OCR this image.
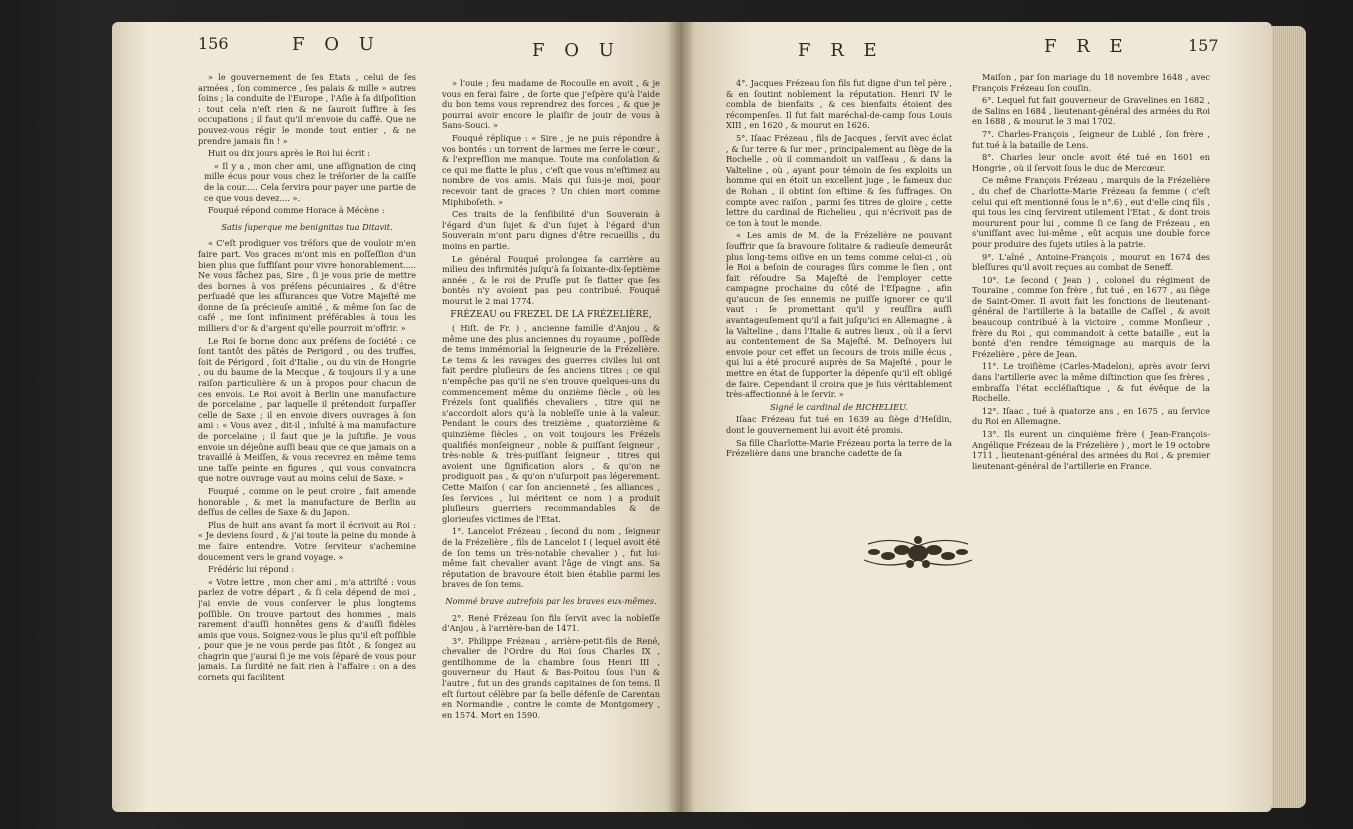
156	F O U	F O U

» le gouvernement de ſes Etats , celui de ſes armées , ſon commerce , ſes palais & mille » autres ſoins ; la conduite de l'Europe , l'Aſie à ſa diſpoſition : tout cela n'eſt rien & ne ſauroit ſuffire à ſes occupations ; il faut qu'il m'envoie du caffé. Que ne pouvez-vous régir le monde tout entier , & ne prendre jamais fin ! »

Huit ou dix jours après le Roi lui écrit :

« Il y a , mon cher ami, une aſſignation de cinq mille écus pour vous chez le tréſorier de la caiſſe de la cour..... Cela ſervira pour payer une partie de ce que vous devez.... ».

Fouqué répond comme Horace à Mécène :

Satis ſuperque me benignitas tua Ditavit.

« C'eſt prodiguer vos tréſors que de vouloir m'en faire part. Vos graces m'ont mis en poſſeſſion d'un bien plus que ſuffiſant pour vivre honorablement..... Ne vous fâchez pas, Sire , ſi je vous prie de mettre des bornes à vos préſens pécuniaires , & d'être perſuadé que les aſſurances que Votre Majeſté me donne de ſa précieuſe amitié , & même ſon ſac de café , me ſont infiniment préférables à tous les milliers d'or & d'argent qu'elle pourroit m'offrir. »

Le Roi ſe borne donc aux préſens de ſociété : ce ſont tantôt des pâtés de Perigord , ou des truffes, ſoit de Périgord , ſoit d'Italie , ou du vin de Hongrie , ou du baume de la Mecque , & toujours il y a une raiſon particulière & un à propos pour chacun de ces envois. Le Roi avoit à Berlin une manufacture de porcelaine , par laquelle il prétendoit ſurpaſſer celle de Saxe ; il en envoie divers ouvrages à ſon ami : « Vous avez , dit-il , inſulté à ma manufacture de porcelaine ; il faut que je la juſtifie. Je vous envoie un déjeûne auſſi beau que ce que jamais on a travaillé à Meiſſen, & vous recevrez en même tems une taſſe peinte en figures , qui vous convaincra que notre ouvrage vaut au moins celui de Saxe. »

Fouqué , comme on le peut croire , fait amende honorable , & met la manufacture de Berlin au deſſus de celles de Saxe & du Japon.

Plus de huit ans avant ſa mort il écrivoit au Roi : « Je deviens ſourd , & j'ai toute la peine du monde à me faire entendre. Votre ſerviteur s'achemine doucement vers le grand voyage. »

Frédéric lui répond :

« Votre lettre , mon cher ami , m'a attriſté : vous parlez de votre départ , & ſi cela dépend de moi , j'ai envie de vous conſerver le plus longtems poſſible. On trouve partout des hommes , mais rarement d'auſſi honnêtes gens & d'auſſi fidèles amis que vous. Soignez-vous le plus qu'il eſt poſſible , pour que je ne vous perde pas ſitôt , & ſongez au chagrin que j'aurai ſi je me vois ſéparé de vous pour jamais. La ſurdité ne fait rien à l'affaire : on a des cornets qui facilitent

» l'ouie ; feu madame de Rocoulle en avoit , & je vous en ferai faire , de ſorte que j'eſpère qu'à l'aide du bon tems vous reprendrez des forces , & que je pourrai avoir encore le plaiſir de jouir de vous à Sans-Souci. »

Fouqué réplique : « Sire , je ne puis répondre à vos bontés : un torrent de larmes me ſerre le cœur , & l'expreſſion me manque. Toute ma conſolation & ce qui me flatte le plus , c'eſt que vous m'eſtimez au nombre de vos amis. Mais qui ſuis-je moi, pour recevoir tant de graces ? Un chien mort comme Miphiboſeth. »

Ces traits de la ſenſibilité d'un Souverain à l'égard d'un ſujet & d'un ſujet à l'égard d'un Souverain m'ont paru dignes d'être recueillis , du moins en partie.

Le général Fouqué prolongea ſa carrière au milieu des infirmités juſqu'à ſa ſoixante-dix-ſeptième année , & le roi de Pruſſe put ſe flatter que ſes bontés n'y avoient pas peu contribué. Fouqué mourut le 2 mai 1774.

FRÉZEAU ou FREZEL DE LA FRÉZELIÈRE,

( Hiſt. de Fr. ) , ancienne famille d'Anjou , & même une des plus anciennes du royaume , poſſède de tems immémorial la ſeigneurie de la Frézelière. Le tems & les ravages des guerres civiles lui ont fait perdre pluſieurs de ſes anciens titres ; ce qui n'empêche pas qu'il ne s'en trouve quelques-uns du commencement même du onzième ſiècle , où les Frézels ſont qualifiés chevaliers , titre qui ne s'accordoit alors qu'à la nobleſſe unie à la valeur. Pendant le cours des treizième , quatorzième & quinzième ſiècles , on voit toujours les Frézels qualifiés monſeigneur , noble & puiſſant ſeigneur , très-noble & très-puiſſant ſeigneur , titres qui avoient une ſignification alors , & qu'on ne prodiguoit pas , & qu'on n'uſurpoit pas légerement. Cette Maiſon ( car ſon ancienneté , ſes alliances , ſes ſervices , lui méritent ce nom ) a produit pluſieurs guerriers recommandables & de glorieuſes victimes de l'Etat.

1°. Lancelot Frézeau , ſecond du nom , ſeigneur de la Frézelière , fils de Lancelot I ( lequel avoit été de ſon tems un très-notable chevalier ) , fut lui-même fait chevalier avant l'âge de vingt ans. Sa réputation de bravoure étoit bien établie parmi les braves de ſon tems.

Nommé brave autrefois par les braves eux-mêmes.

2°. René Frézeau ſon fils ſervit avec la nobleſſe d'Anjou , à l'arrière-ban de 1471.

3°. Philippe Frézeau , arrière-petit-fils de René, chevalier de l'Ordre du Roi ſous Charles IX , gentilhomme de la chambre ſous Henri III , gouverneur du Haut & Bas-Poitou ſous l'un & l'autre , fut un des grands capitaines de ſon tems. Il eſt ſurtout célèbre par ſa belle défenſe de Carentan en Normandie , contre le comte de Montgomery , en 1574. Mort en 1590.

F R E	F R E	157

4°. Jacques Frézeau ſon fils fut digne d'un tel père , & en ſoutint noblement la réputation. Henri IV le combla de bienfaits , & ces bienfaits étoient des récompenſes. Il fut fait maréchal-de-camp ſous Louis XIII , en 1620 , & mourut en 1626.

5°. Iſaac Frézeau , fils de Jacques , ſervit avec éclat , & ſur terre & ſur mer , principalement au ſiège de la Rochelle , où il commandoit un vaiſſeau , & dans la Valteline , où , ayant pour témoin de ſes exploits un homme qui en étoit un excellent juge , le fameux duc de Rohan , il obtint ſon eſtime & ſes ſuffrages. On compte avec raiſon , parmi ſes titres de gloire , cette lettre du cardinal de Richelieu , qui n'écrivoit pas de ce ton à tout le monde.

« Les amis de M. de la Frézelière ne pouvant ſouffrir que ſa bravoure ſolitaire & radieuſe demeurât plus long-tems oiſive en un tems comme celui-ci , où le Roi a beſoin de courages ſûrs comme le ſien , ont fait réſoudre Sa Majeſté de l'employer cette campagne prochaine du côté de l'Eſpagne , afin qu'aucun de ſes ennemis ne puiſſe ignorer ce qu'il vaut : ſe promettant qu'il y reuſſira auſſi avantageuſement qu'il a fait juſqu'ici en Allemagne , à la Valteline , dans l'Italie & autres lieux , où il a ſervi au contentement de Sa Majeſté. M. Deſnoyers lui envoie pour cet effet un ſecours de trois mille écus , qui lui a été procuré auprès de Sa Majeſté , pour le mettre en état de ſupporter la dépenſe qu'il eſt obligé de faire. Cependant il croira que je ſuis véritablement très-affectionné à le ſervir. »

Signé le cardinal de RICHELIEU.

Iſaac Frézeau fut tué en 1639 au ſiège d'Heſdin, dont le gouvernement lui avoit été promis.

Sa fille Charlotte-Marie Frézeau porta la terre de la Frézelière dans une branche cadette de ſa

Maiſon , par ſon mariage du 18 novembre 1648 , avec François Frézeau ſon couſin.

6°. Lequel fut fait gouverneur de Gravelines en 1682 , de Salins en 1684 , lieutenant-général des armées du Roi en 1688 , & mourut le 3 mai 1702.

7°. Charles-François , ſeigneur de Lublé , ſon frère , fut tué à la bataille de Lens.

8°. Charles leur oncle avoit été tué en 1601 en Hongrie , où il ſervoit ſous le duc de Mercœur.

Ce même François Frézeau , marquis de la Frézelière , du chef de Charlotte-Marie Frézeau ſa femme ( c'eſt celui qui eſt mentionné ſous le n°.6) , eut d'elle cinq fils , qui tous les cinq ſervirent utilement l'Etat , & dont trois moururent pour lui , comme ſi ce ſang de Frézeau , en s'uniſſant avec lui-même , eût acquis une double force pour produire des ſujets utiles à la patrie.

9°. L'aîné , Antoine-François , mourut en 1674 des bleſſures qu'il avoit reçues au combat de Seneff.

10°. Le ſecond ( Jean ) , colonel du régiment de Touraine , comme ſon frère , fut tué , en 1677 , au ſiège de Saint-Omer. Il avoit fait les fonctions de lieutenant-général de l'artillerie à la bataille de Caſſel , & avoit beaucoup contribué à la victoire , comme Monſieur , frère du Roi , qui commandoit à cette bataille , eut la bonté d'en rendre témoignage au marquis de la Frézelière , père de Jean.

11°. Le troiſième (Carles-Madelon), après avoir ſervi dans l'artillerie avec la même diſtinction que ſes frères , embraſſa l'état eccléſiaſtique , & fut évêque de la Rochelle.

12°. Iſaac , tué à quatorze ans , en 1675 , au ſervice du Roi en Allemagne.

13°. Ils eurent un cinquième frère ( Jean-François-Angélique Frézeau de la Frézelière ) , mort le 19 octobre 1711 , lieutenant-général des armées du Roi , & premier lieutenant-général de l'artillerie en France.
